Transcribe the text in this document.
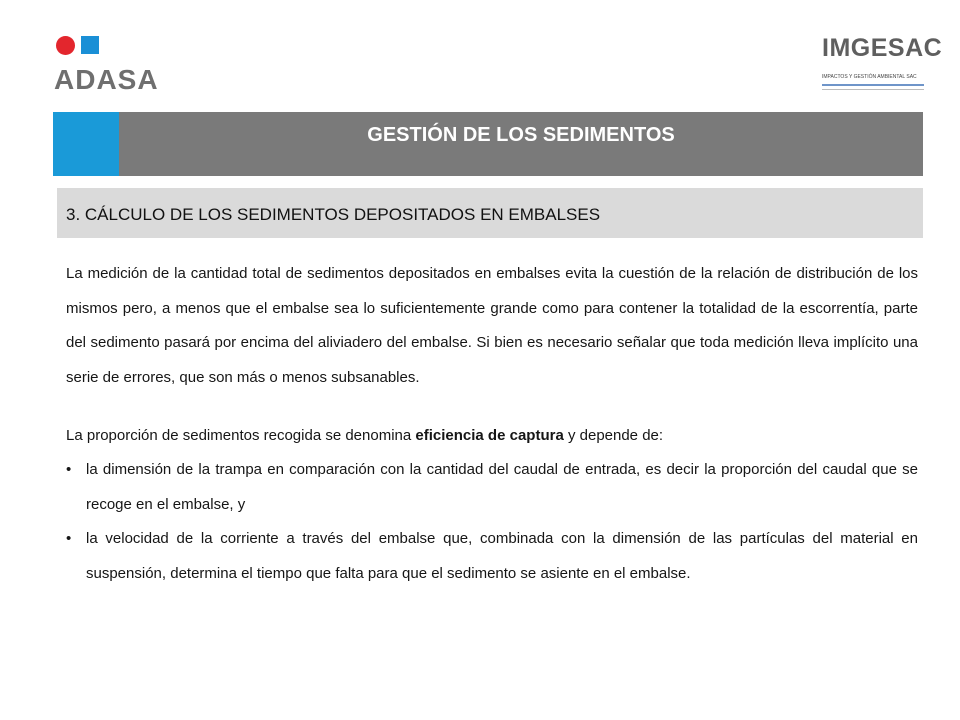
ADASA
IMGESAC
IMPACTOS Y GESTIÓN AMBIENTAL SAC
GESTIÓN DE LOS SEDIMENTOS
3. CÁLCULO DE LOS SEDIMENTOS DEPOSITADOS EN EMBALSES

La medición de la cantidad total de sedimentos depositados en embalses evita la cuestión de la relación de distribución de los mismos pero, a menos que el embalse sea lo suficientemente grande como para contener la totalidad de la escorrentía, parte del sedimento pasará por encima del aliviadero del embalse. Si bien es necesario señalar que toda medición lleva implícito una serie de errores, que son más o menos subsanables.

La proporción de sedimentos recogida se denomina eficiencia de captura y depende de:

• la dimensión de la trampa en comparación con la cantidad del caudal de entrada, es decir la proporción del caudal que se recoge en el embalse, y
• la velocidad de la corriente a través del embalse que, combinada con la dimensión de las partículas del material en suspensión, determina el tiempo que falta para que el sedimento se asiente en el embalse.
